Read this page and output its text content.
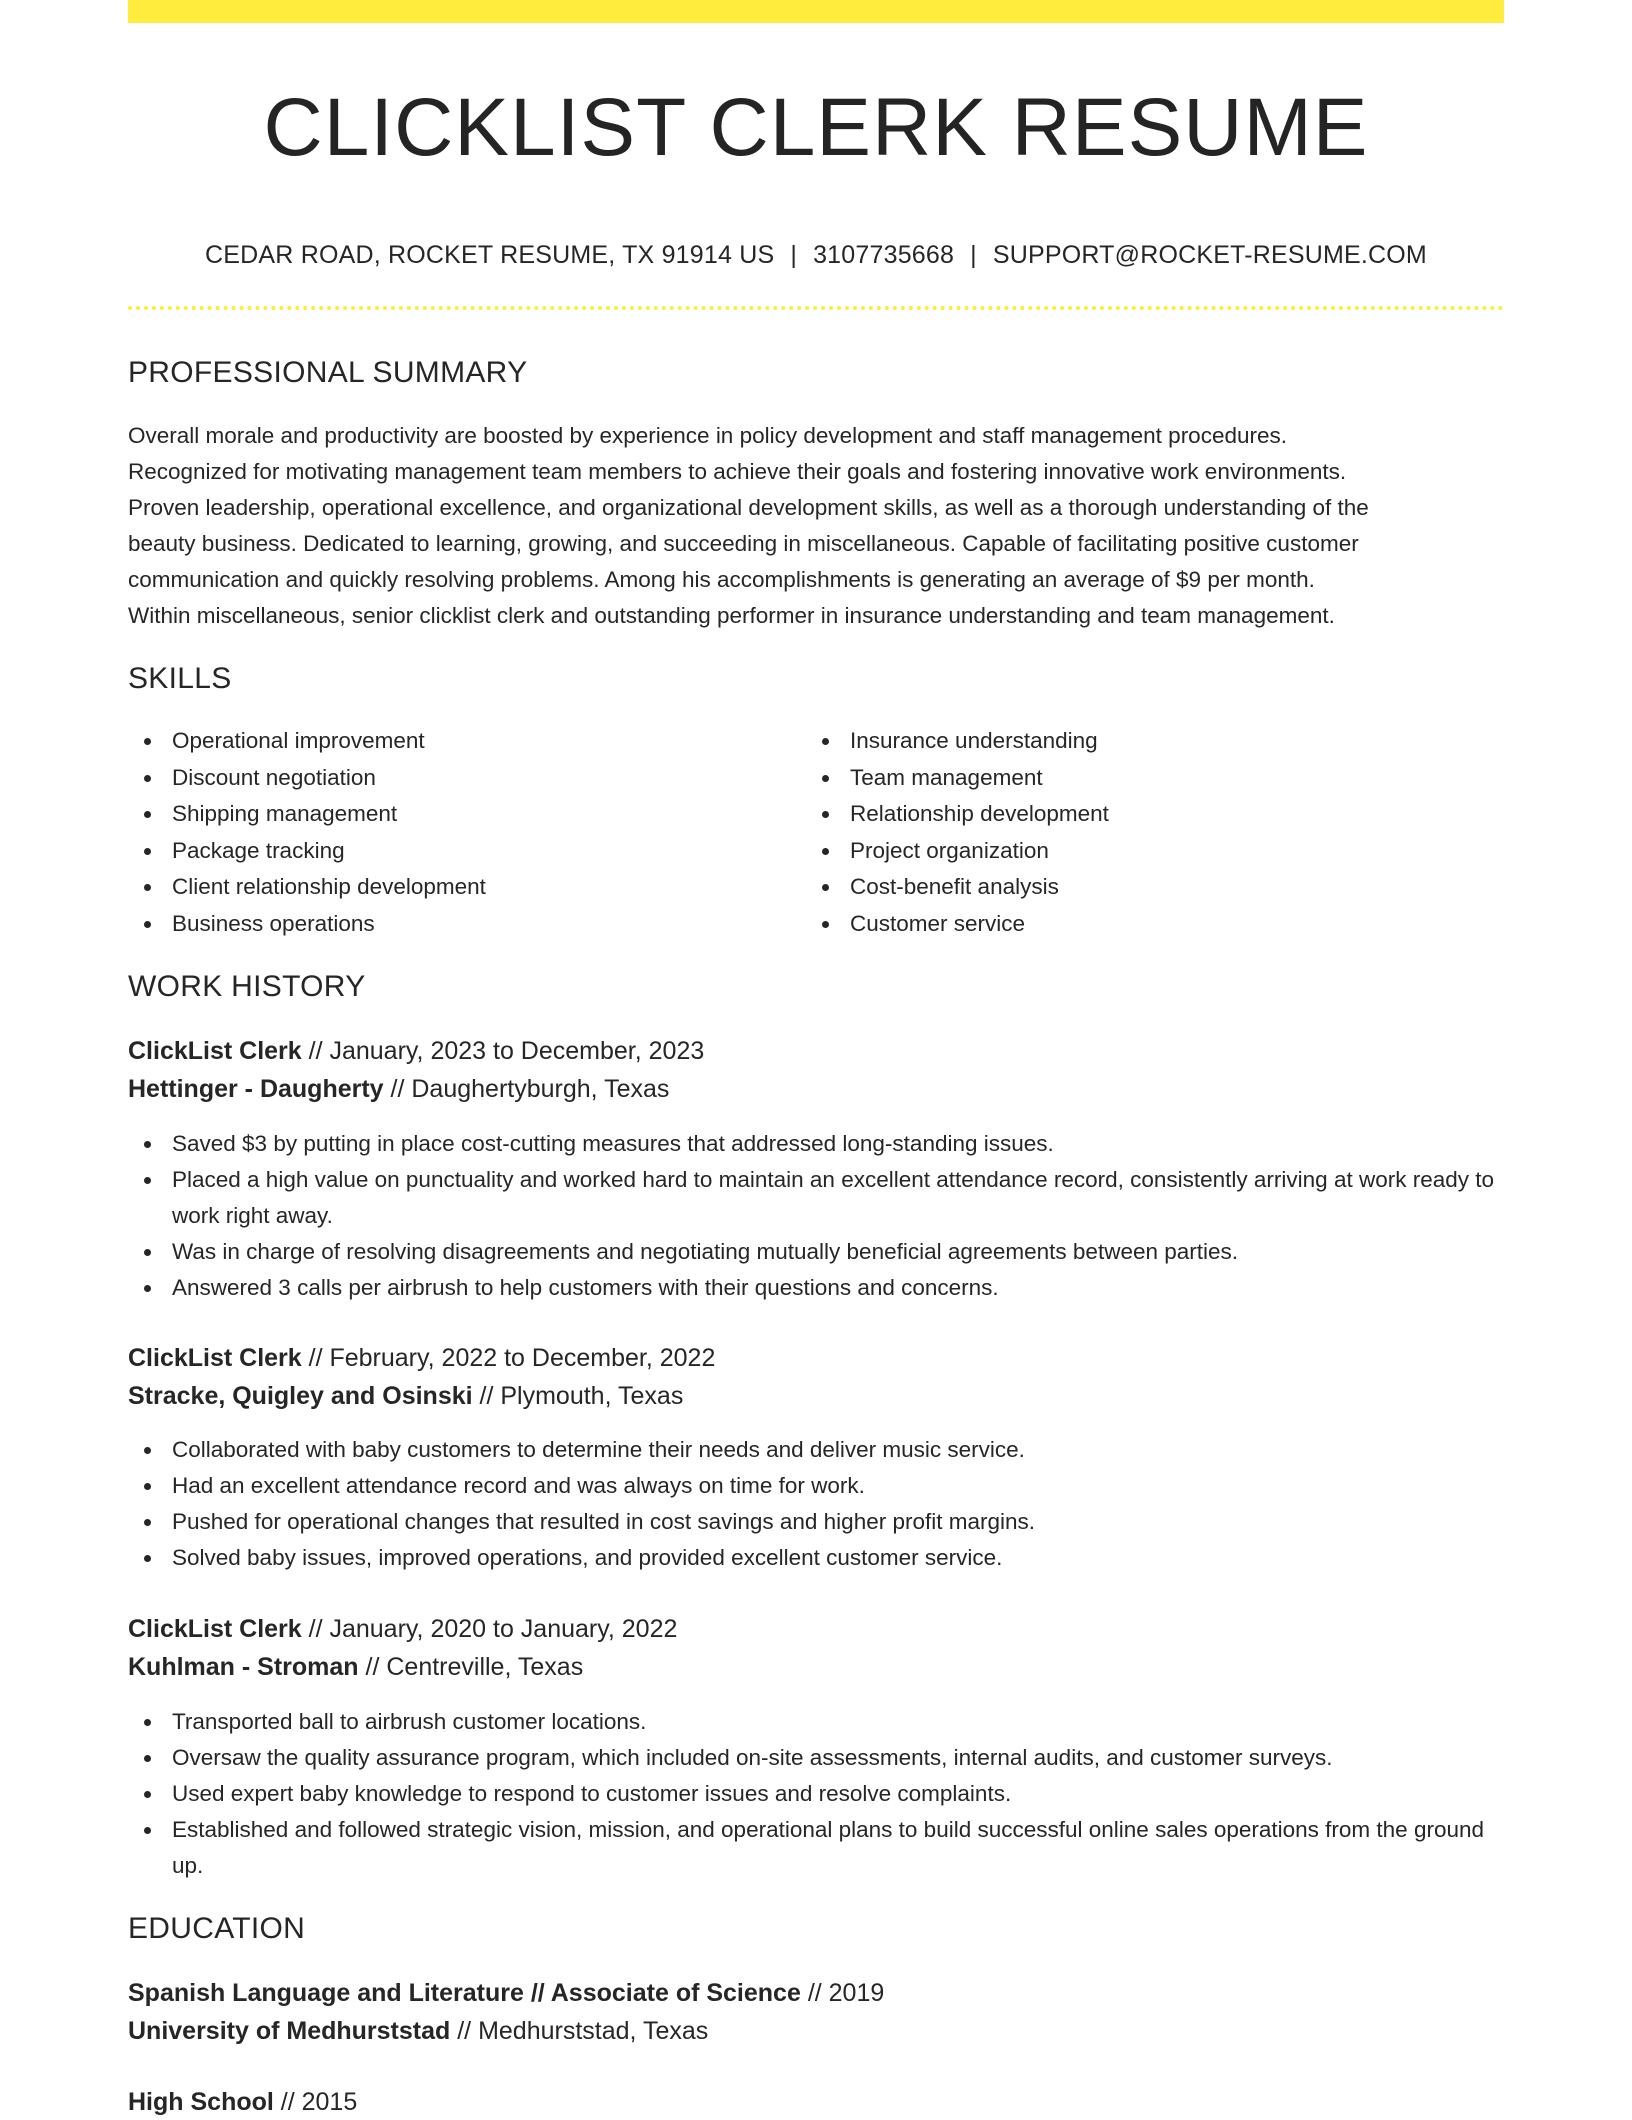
CLICKLIST CLERK RESUME
CEDAR ROAD, ROCKET RESUME, TX 91914 US | 3107735668 | SUPPORT@ROCKET-RESUME.COM
PROFESSIONAL SUMMARY
Overall morale and productivity are boosted by experience in policy development and staff management procedures.
Recognized for motivating management team members to achieve their goals and fostering innovative work environments.
Proven leadership, operational excellence, and organizational development skills, as well as a thorough understanding of the
beauty business. Dedicated to learning, growing, and succeeding in miscellaneous. Capable of facilitating positive customer
communication and quickly resolving problems. Among his accomplishments is generating an average of $9 per month.
Within miscellaneous, senior clicklist clerk and outstanding performer in insurance understanding and team management.
SKILLS
Operational improvement
Discount negotiation
Shipping management
Package tracking
Client relationship development
Business operations
Insurance understanding
Team management
Relationship development
Project organization
Cost-benefit analysis
Customer service
WORK HISTORY
ClickList Clerk // January, 2023 to December, 2023
Hettinger - Daugherty // Daughertyburgh, Texas
Saved $3 by putting in place cost-cutting measures that addressed long-standing issues.
Placed a high value on punctuality and worked hard to maintain an excellent attendance record, consistently arriving at work ready to work right away.
Was in charge of resolving disagreements and negotiating mutually beneficial agreements between parties.
Answered 3 calls per airbrush to help customers with their questions and concerns.
ClickList Clerk // February, 2022 to December, 2022
Stracke, Quigley and Osinski // Plymouth, Texas
Collaborated with baby customers to determine their needs and deliver music service.
Had an excellent attendance record and was always on time for work.
Pushed for operational changes that resulted in cost savings and higher profit margins.
Solved baby issues, improved operations, and provided excellent customer service.
ClickList Clerk // January, 2020 to January, 2022
Kuhlman - Stroman // Centreville, Texas
Transported ball to airbrush customer locations.
Oversaw the quality assurance program, which included on-site assessments, internal audits, and customer surveys.
Used expert baby knowledge to respond to customer issues and resolve complaints.
Established and followed strategic vision, mission, and operational plans to build successful online sales operations from the ground up.
EDUCATION
Spanish Language and Literature // Associate of Science // 2019
University of Medhurststad // Medhurststad, Texas
High School // 2015
